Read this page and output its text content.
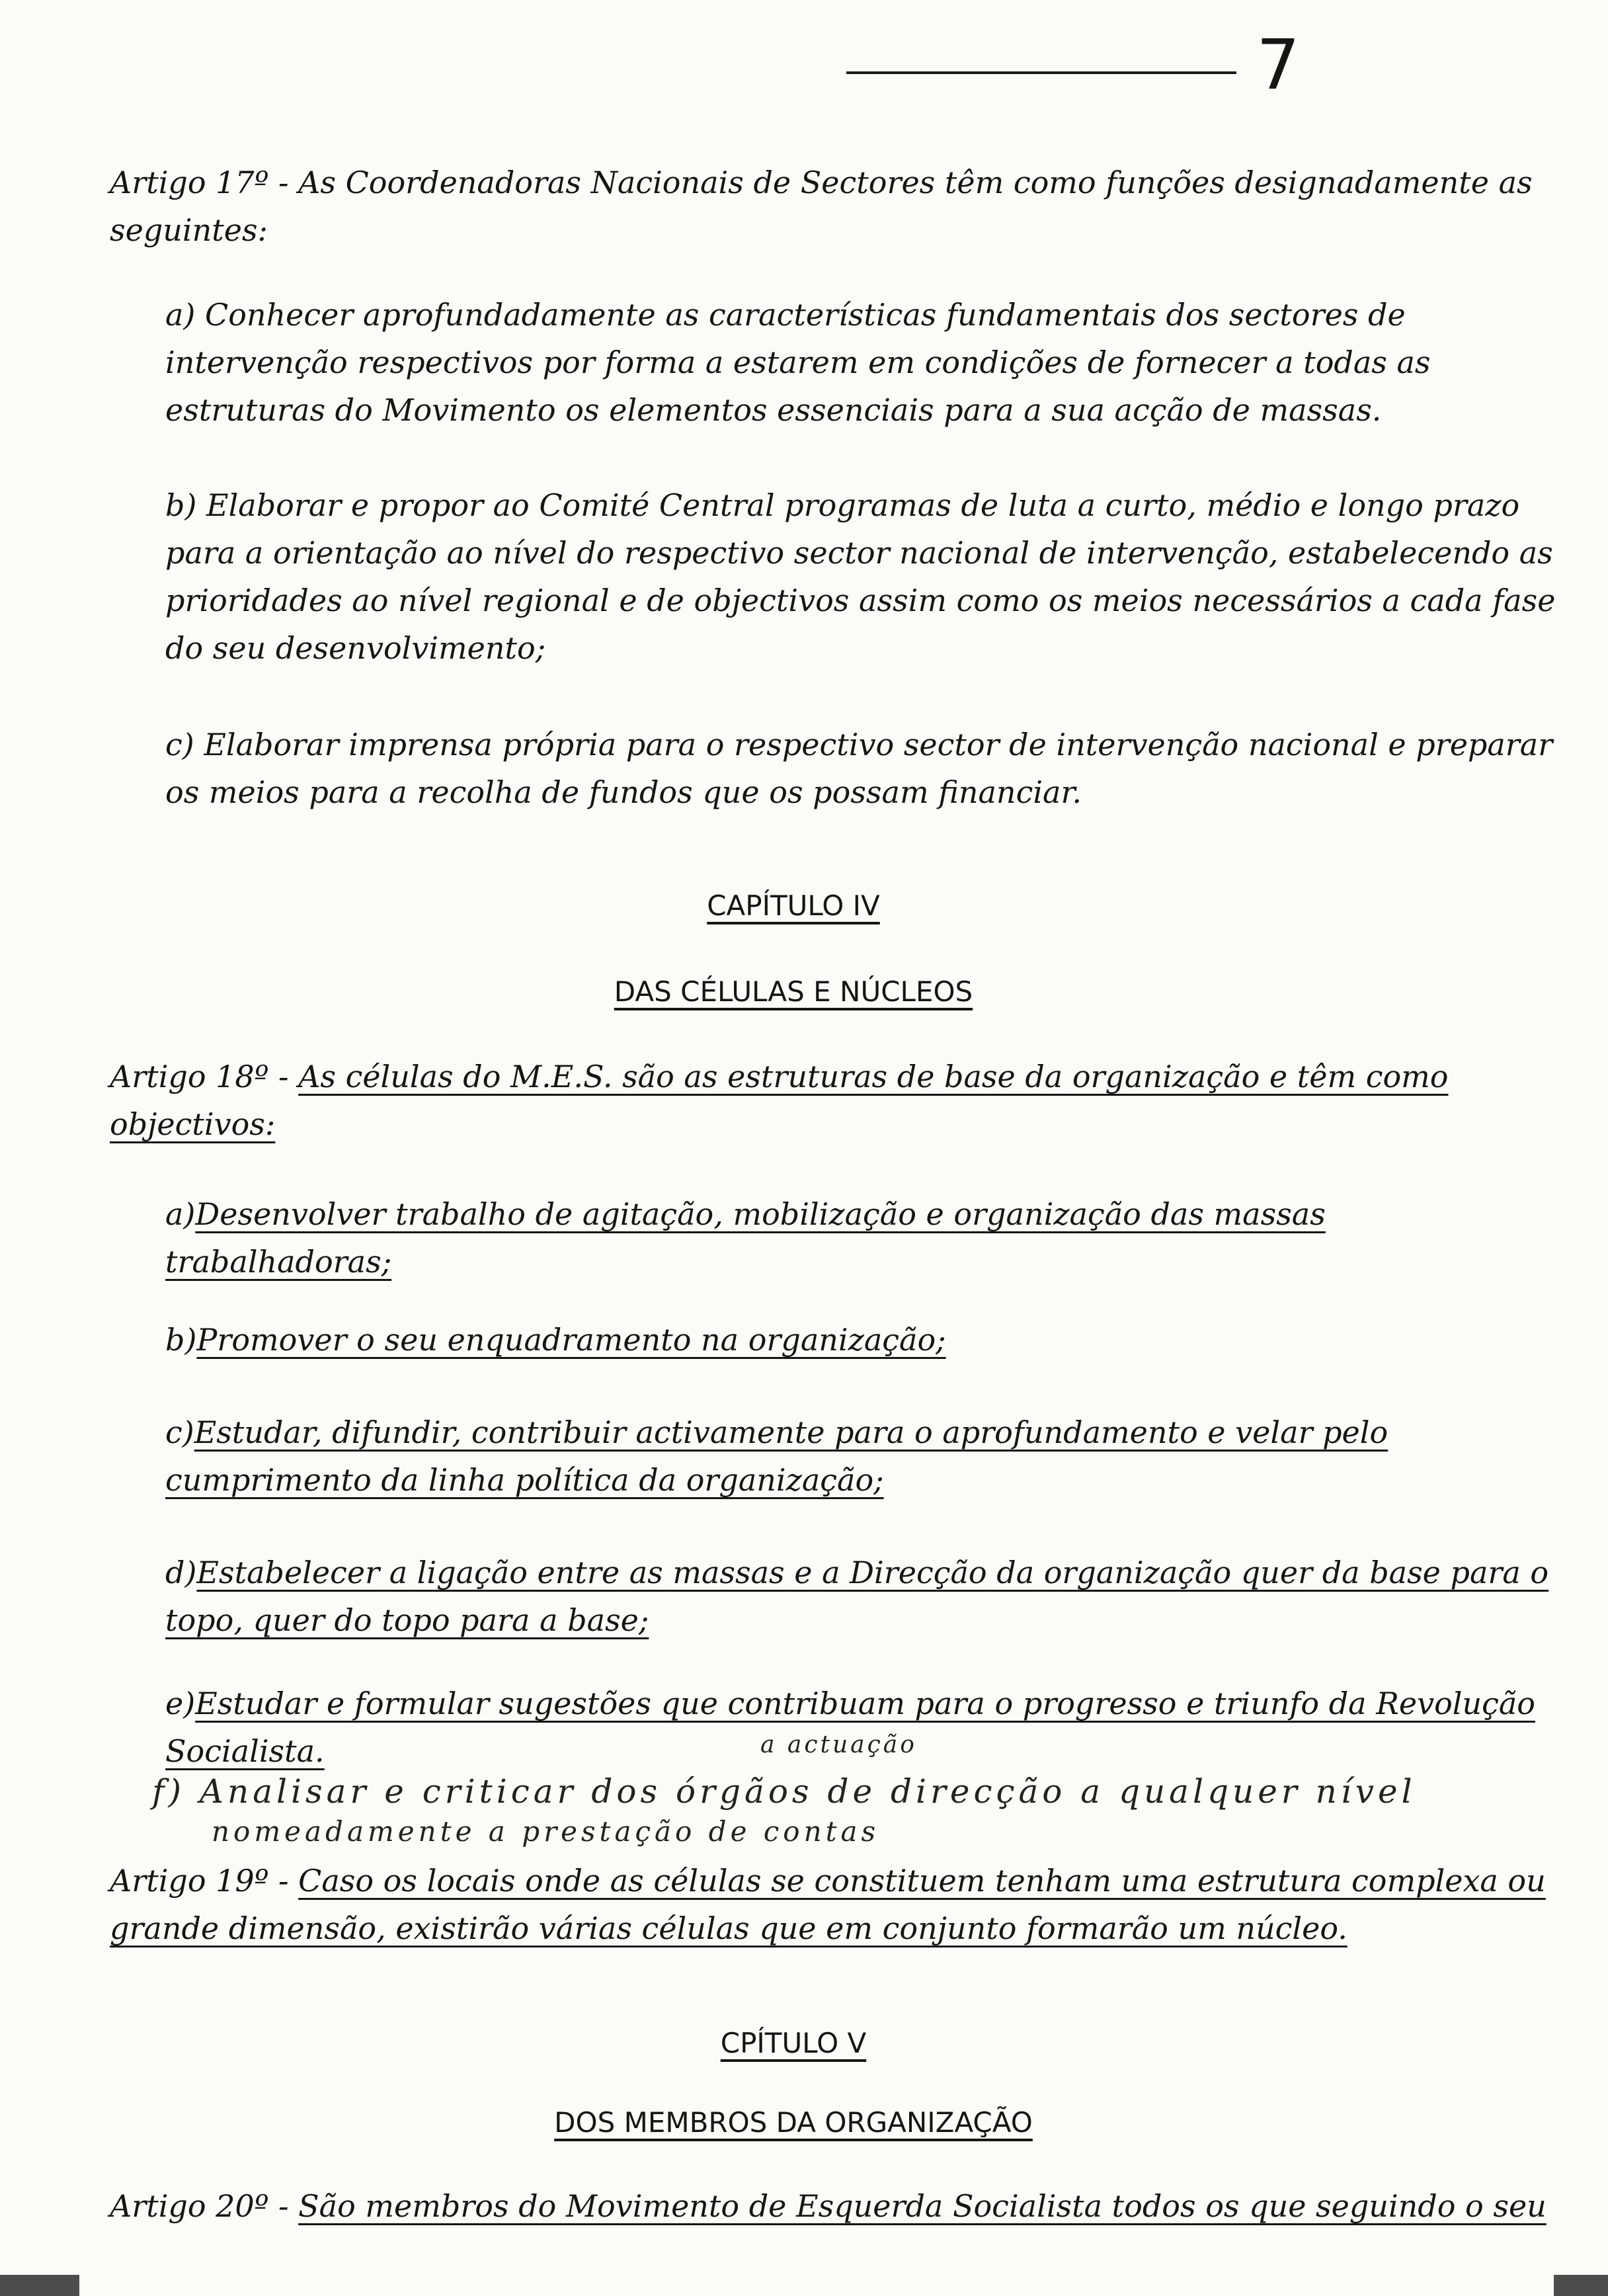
7

Artigo 17º - As Coordenadoras Nacionais de Sectores têm como funções designadamente as seguintes:

a) Conhecer aprofundadamente as características fundamentais dos sectores de intervenção respectivos por forma a estarem em condições de fornecer a todas as estruturas do Movimento os elementos essenciais para a sua acção de massas.

b) Elaborar e propor ao Comité Central programas de luta a curto, médio e longo prazo para a orientação ao nível do respectivo sector nacional de intervenção, estabelecendo as prioridades ao nível regional e de objectivos assim como os meios necessários a cada fase do seu desenvolvimento;

c) Elaborar imprensa própria para o respectivo sector de intervenção nacional e preparar os meios para a recolha de fundos que os possam financiar.

CAPÍTULO IV
DAS CÉLULAS E NÚCLEOS

Artigo 18º - As células do M.E.S. são as estruturas de base da organização e têm como objectivos:

a)Desenvolver trabalho de agitação, mobilização e organização das massas trabalhadoras;

b)Promover o seu enquadramento na organização;

c)Estudar, difundir, contribuir activamente para o aprofundamento e velar pelo cumprimento da linha política da organização;

d)Estabelecer a ligação entre as massas e a Direcção da organização quer da base para o topo, quer do topo para a base;

e)Estudar e formular sugestões que contribuam para o progresso e triunfo da Revolução Socialista.	a actuação
f) Analisar e criticar dos órgãos de direcção a qualquer nível
nomeadamente a prestação de contas

Artigo 19º - Caso os locais onde as células se constituem tenham uma estrutura complexa ou grande dimensão, existirão várias células que em conjunto formarão um núcleo.

CPÍTULO V
DOS MEMBROS DA ORGANIZAÇÃO

Artigo 20º - São membros do Movimento de Esquerda Socialista todos os que seguindo o seu
